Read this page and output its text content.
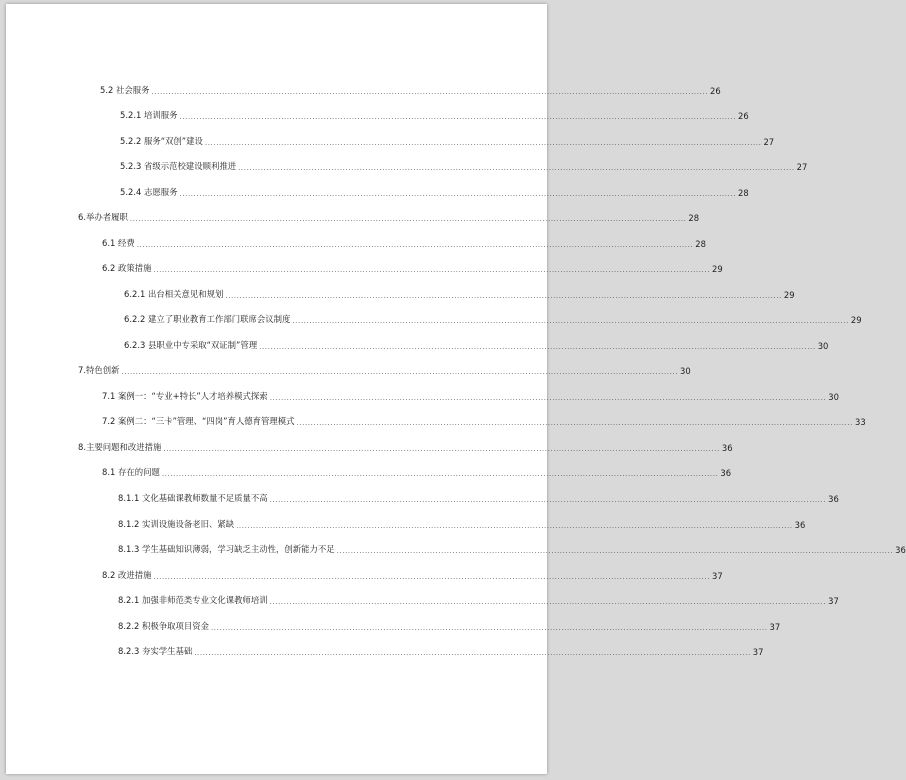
5.2 社会服务 ..................................................................................................................................................................................................... 26
5.2.1 培训服务 ..................................................................................................................................................................................................... 26
5.2.2 服务“双创”建设 ..................................................................................................................................................................................................... 27
5.2.3 省级示范校建设顺利推进 ..................................................................................................................................................................................................... 27
5.2.4 志愿服务 ..................................................................................................................................................................................................... 28
6.举办者履职 ..................................................................................................................................................................................................... 28
6.1 经费 ..................................................................................................................................................................................................... 28
6.2 政策措施 ..................................................................................................................................................................................................... 29
6.2.1 出台相关意见和规划 ..................................................................................................................................................................................................... 29
6.2.2 建立了职业教育工作部门联席会议制度 ..................................................................................................................................................................................................... 29
6.2.3 县职业中专采取“双证制”管理 ..................................................................................................................................................................................................... 30
7.特色创新 ..................................................................................................................................................................................................... 30
7.1 案例一：“专业+特长”人才培养模式探索 ..................................................................................................................................................................................................... 30
7.2 案例二：“三卡”管理、“四岗”育人德育管理模式 ..................................................................................................................................................................................................... 33
8.主要问题和改进措施 ..................................................................................................................................................................................................... 36
8.1 存在的问题 ..................................................................................................................................................................................................... 36
8.1.1 文化基础课教师数量不足质量不高 ..................................................................................................................................................................................................... 36
8.1.2 实训设施设备老旧、紧缺 ..................................................................................................................................................................................................... 36
8.1.3 学生基础知识薄弱，学习缺乏主动性，创新能力不足 ..................................................................................................................................................................................................... 36
8.2 改进措施 ..................................................................................................................................................................................................... 37
8.2.1 加强非师范类专业文化课教师培训 ..................................................................................................................................................................................................... 37
8.2.2 积极争取项目资金 ..................................................................................................................................................................................................... 37
8.2.3 夯实学生基础 ..................................................................................................................................................................................................... 37
